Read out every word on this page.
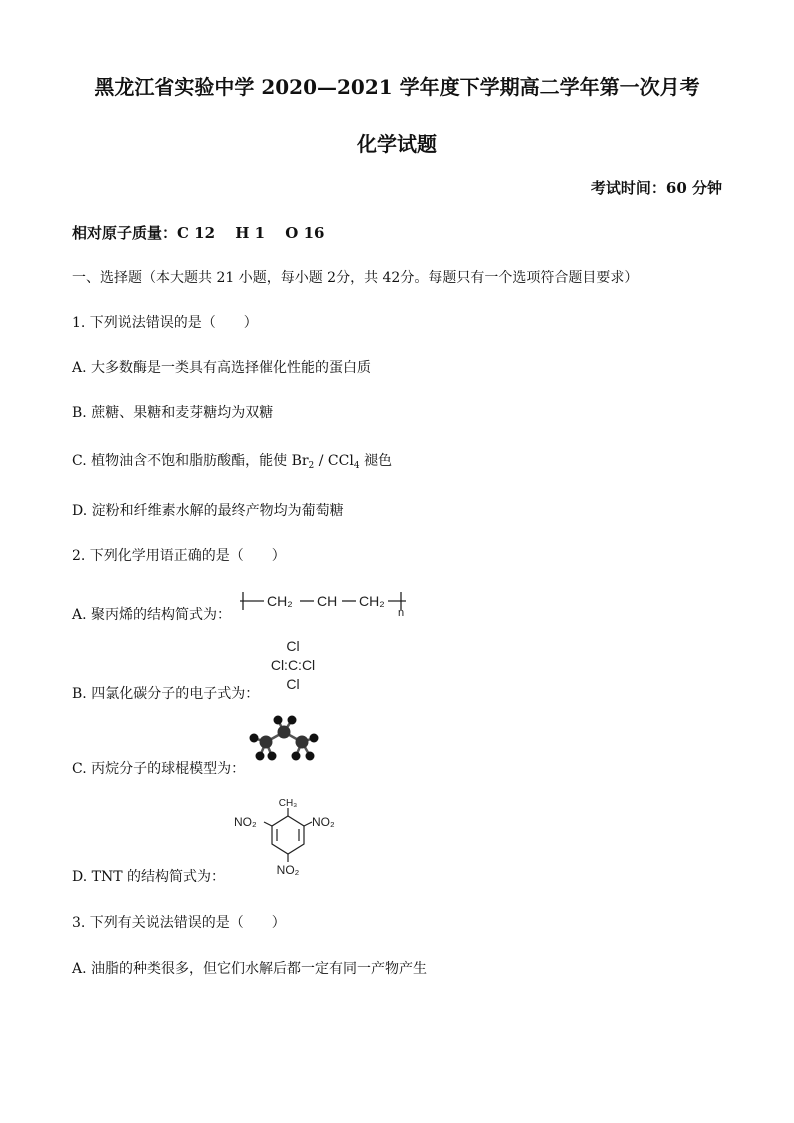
黑龙江省实验中学 2020—2021 学年度下学期高二学年第一次月考
化学试题
考试时间：60 分钟
相对原子质量：C 12　 H 1　 O 16
一、选择题（本大题共 21 小题，每小题 2分，共 42分。每题只有一个选项符合题目要求）
1. 下列说法错误的是（　　）
A. 大多数酶是一类具有高选择催化性能的蛋白质
B. 蔗糖、果糖和麦芽糖均为双糖
C. 植物油含不饱和脂肪酸酯，能使 $Br_2 / CCl_4$ 褪色
D. 淀粉和纤维素水解的最终产物均为葡萄糖
2. 下列化学用语正确的是（　　）
A. 聚丙烯的结构简式为：
CH₂ CH CH₂
n
B. 四氯化碳分子的电子式为：
Cl
Cl:C:Cl
Cl
C. 丙烷分子的球棍模型为：
D. TNT 的结构简式为：
CH₃
NO₂	NO₂
NO₂
3. 下列有关说法错误的是（　　）
A. 油脂的种类很多，但它们水解后都一定有同一产物产生
